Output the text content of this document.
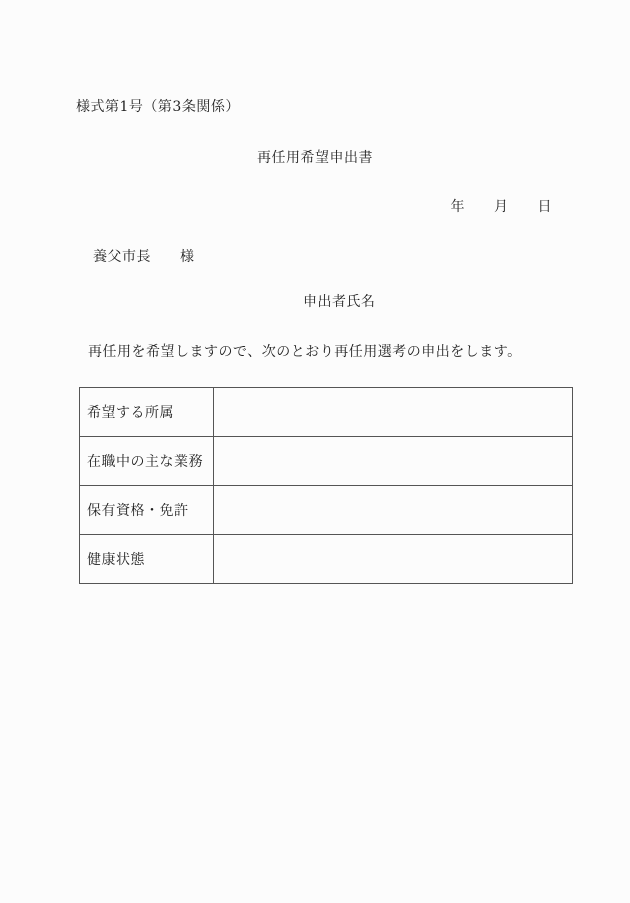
様式第1号（第3条関係）
再任用希望申出書
年　　月　　日
養父市長　　様
申出者氏名
再任用を希望しますので、次のとおり再任用選考の申出をします。
希望する所属	
在職中の主な業務	
保有資格・免許	
健康状態	
